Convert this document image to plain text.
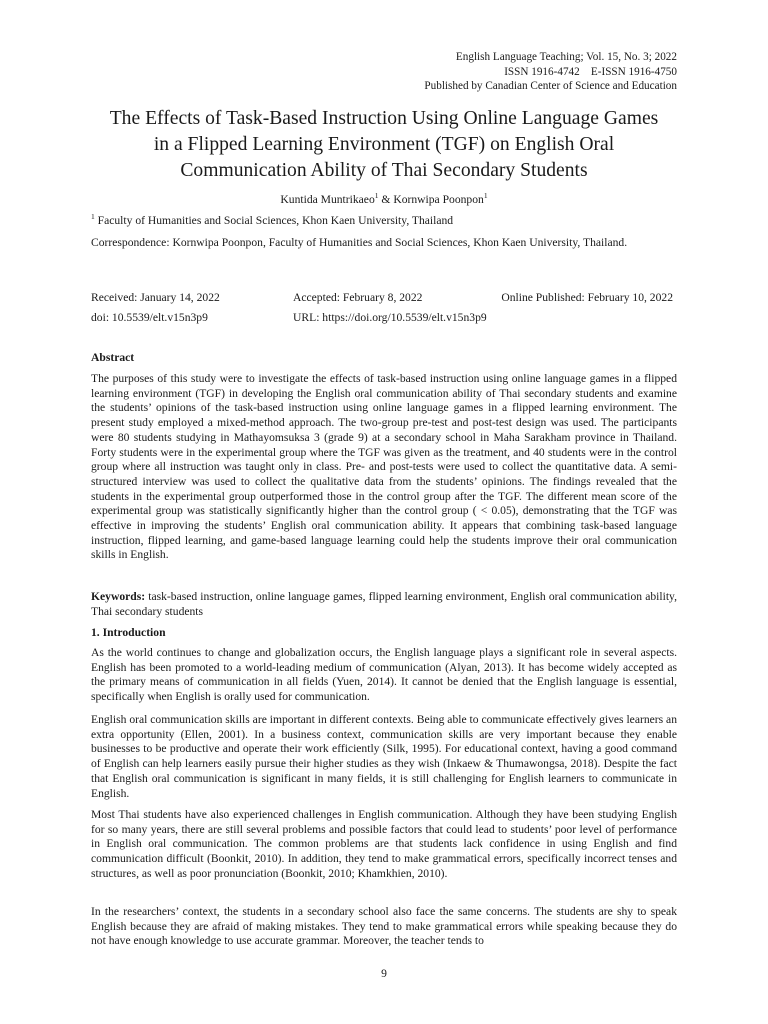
English Language Teaching; Vol. 15, No. 3; 2022
ISSN 1916-4742    E-ISSN 1916-4750
Published by Canadian Center of Science and Education
The Effects of Task-Based Instruction Using Online Language Games
in a Flipped Learning Environment (TGF) on English Oral
Communication Ability of Thai Secondary Students
Kuntida Muntrikaeo$^1$ & Kornwipa Poonpon$^1$
$^1$ Faculty of Humanities and Social Sciences, Khon Kaen University, Thailand
Correspondence: Kornwipa Poonpon, Faculty of Humanities and Social Sciences, Khon Kaen University, Thailand.
Received: January 14, 2022	Accepted: February 8, 2022	Online Published: February 10, 2022
doi: 10.5539/elt.v15n3p9	URL: https://doi.org/10.5539/elt.v15n3p9
Abstract
The purposes of this study were to investigate the effects of task-based instruction using online language games in a flipped learning environment (TGF) in developing the English oral communication ability of Thai secondary students and examine the students’ opinions of the task-based instruction using online language games in a flipped learning environment. The present study employed a mixed-method approach. The two-group pre-test and post-test design was used. The participants were 80 students studying in Mathayomsuksa 3 (grade 9) at a secondary school in Maha Sarakham province in Thailand. Forty students were in the experimental group where the TGF was given as the treatment, and 40 students were in the control group where all instruction was taught only in class. Pre- and post-tests were used to collect the quantitative data. A semi-structured interview was used to collect the qualitative data from the students’ opinions. The findings revealed that the students in the experimental group outperformed those in the control group after the TGF. The different mean score of the experimental group was statistically significantly higher than the control group ( < 0.05), demonstrating that the TGF was effective in improving the students’ English oral communication ability. It appears that combining task-based language instruction, flipped learning, and game-based language learning could help the students improve their oral communication skills in English.
Keywords: task-based instruction, online language games, flipped learning environment, English oral communication ability, Thai secondary students
1. Introduction
As the world continues to change and globalization occurs, the English language plays a significant role in several aspects. English has been promoted to a world-leading medium of communication (Alyan, 2013). It has become widely accepted as the primary means of communication in all fields (Yuen, 2014). It cannot be denied that the English language is essential, specifically when English is orally used for communication.
English oral communication skills are important in different contexts. Being able to communicate effectively gives learners an extra opportunity (Ellen, 2001). In a business context, communication skills are very important because they enable businesses to be productive and operate their work efficiently (Silk, 1995). For educational context, having a good command of English can help learners easily pursue their higher studies as they wish (Inkaew & Thumawongsa, 2018). Despite the fact that English oral communication is significant in many fields, it is still challenging for English learners to communicate in English.
Most Thai students have also experienced challenges in English communication. Although they have been studying English for so many years, there are still several problems and possible factors that could lead to students’ poor level of performance in English oral communication. The common problems are that students lack confidence in using English and find communication difficult (Boonkit, 2010). In addition, they tend to make grammatical errors, specifically incorrect tenses and structures, as well as poor pronunciation (Boonkit, 2010; Khamkhien, 2010).
In the researchers’ context, the students in a secondary school also face the same concerns. The students are shy to speak English because they are afraid of making mistakes. They tend to make grammatical errors while speaking because they do not have enough knowledge to use accurate grammar. Moreover, the teacher tends to
9
